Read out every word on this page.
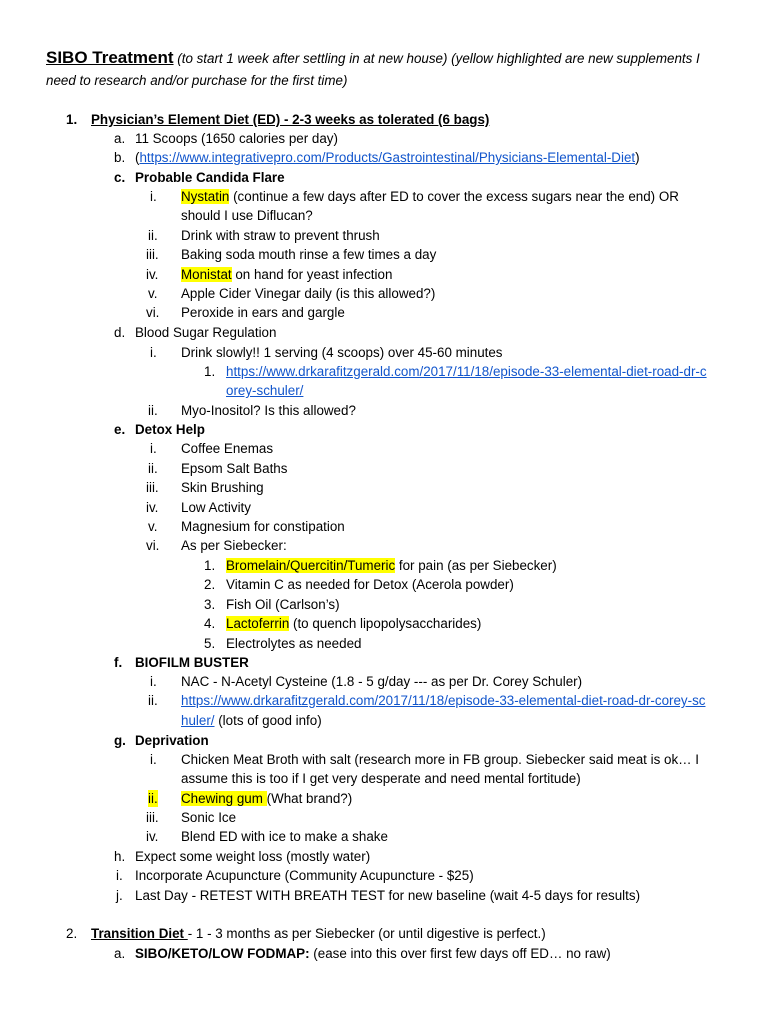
SIBO Treatment (to start 1 week after settling in at new house) (yellow highlighted are new supplements I
need to research and/or purchase for the first time)
1. Physician’s Element Diet (ED) - 2-3 weeks as tolerated (6 bags)
a. 11 Scoops (1650 calories per day)
b. (https://www.integrativepro.com/Products/Gastrointestinal/Physicians-Elemental-Diet)
c. Probable Candida Flare
i. Nystatin (continue a few days after ED to cover the excess sugars near the end) OR
should I use Diflucan?
ii. Drink with straw to prevent thrush
iii. Baking soda mouth rinse a few times a day
iv. Monistat on hand for yeast infection
v. Apple Cider Vinegar daily (is this allowed?)
vi. Peroxide in ears and gargle
d. Blood Sugar Regulation
i. Drink slowly!! 1 serving (4 scoops) over 45-60 minutes
1. https://www.drkarafitzgerald.com/2017/11/18/episode-33-elemental-diet-road-dr-c
orey-schuler/
ii. Myo-Inositol? Is this allowed?
e. Detox Help
i. Coffee Enemas
ii. Epsom Salt Baths
iii. Skin Brushing
iv. Low Activity
v. Magnesium for constipation
vi. As per Siebecker:
1. Bromelain/Quercitin/Tumeric for pain (as per Siebecker)
2. Vitamin C as needed for Detox (Acerola powder)
3. Fish Oil (Carlson’s)
4. Lactoferrin (to quench lipopolysaccharides)
5. Electrolytes as needed
f. BIOFILM BUSTER
i. NAC - N-Acetyl Cysteine (1.8 - 5 g/day --- as per Dr. Corey Schuler)
ii. https://www.drkarafitzgerald.com/2017/11/18/episode-33-elemental-diet-road-dr-corey-sc
huler/ (lots of good info)
g. Deprivation
i. Chicken Meat Broth with salt (research more in FB group. Siebecker said meat is ok… I
assume this is too if I get very desperate and need mental fortitude)
ii. Chewing gum (What brand?)
iii. Sonic Ice
iv. Blend ED with ice to make a shake
h. Expect some weight loss (mostly water)
i. Incorporate Acupuncture (Community Acupuncture - $25)
j. Last Day - RETEST WITH BREATH TEST for new baseline (wait 4-5 days for results)
2. Transition Diet - 1 - 3 months as per Siebecker (or until digestive is perfect.)
a. SIBO/KETO/LOW FODMAP: (ease into this over first few days off ED… no raw)
